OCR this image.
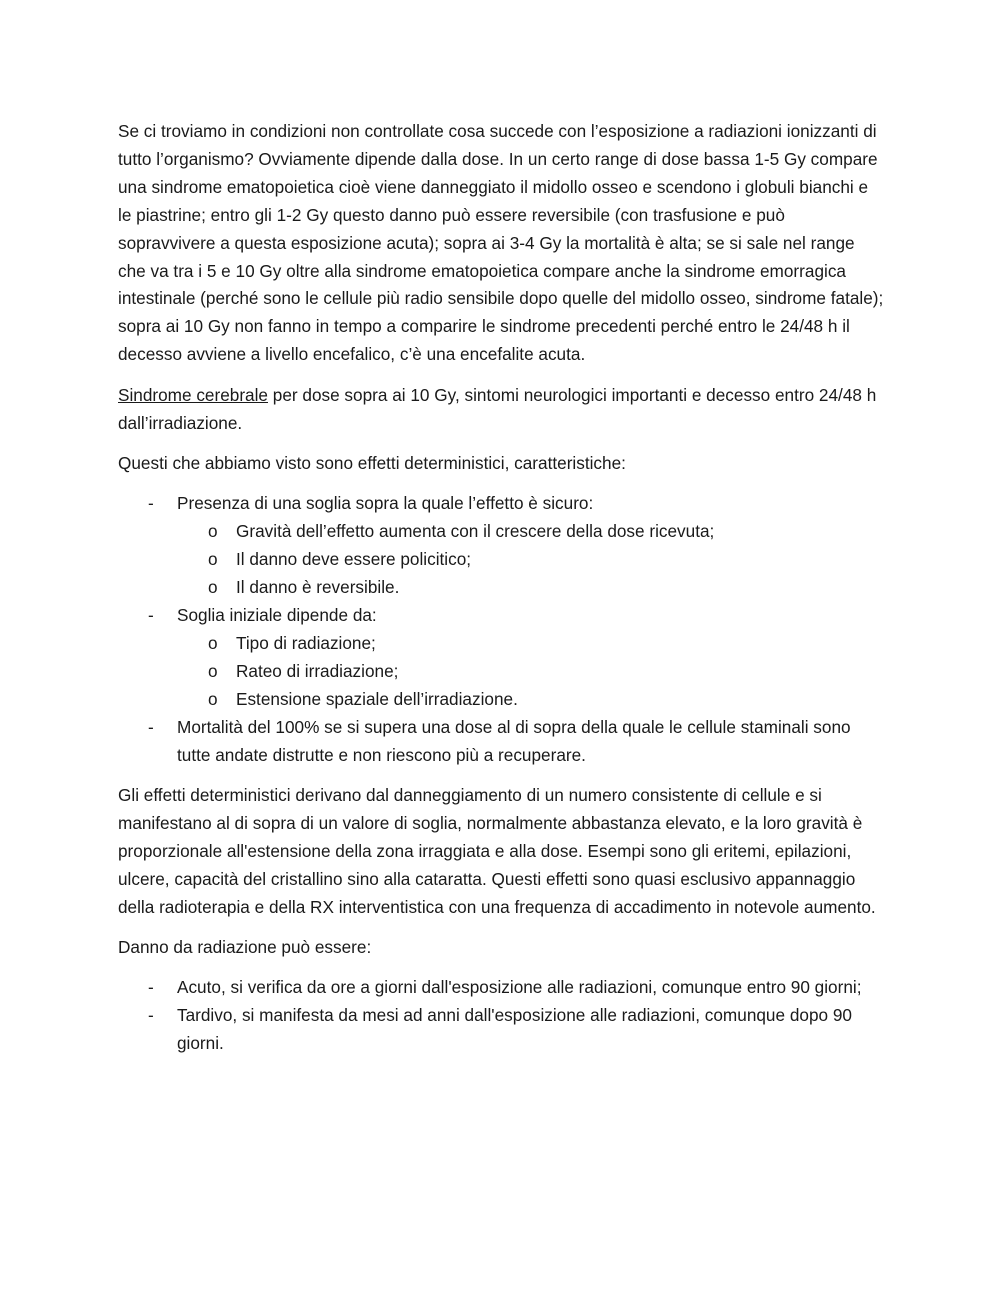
Se ci troviamo in condizioni non controllate cosa succede con l’esposizione a radiazioni ionizzanti di tutto l’organismo? Ovviamente dipende dalla dose. In un certo range di dose bassa 1-5 Gy compare una sindrome ematopoietica cioè viene danneggiato il midollo osseo e scendono i globuli bianchi e le piastrine; entro gli 1-2 Gy questo danno può essere reversibile (con trasfusione e può sopravvivere a questa esposizione acuta); sopra ai 3-4 Gy la mortalità è alta; se si sale nel range che va tra i 5 e 10 Gy oltre alla sindrome ematopoietica compare anche la sindrome emorragica intestinale (perché sono le cellule più radio sensibile dopo quelle del midollo osseo, sindrome fatale); sopra ai 10 Gy non fanno in tempo a comparire le sindrome precedenti perché entro le 24/48 h il decesso avviene a livello encefalico, c’è una encefalite acuta.

Sindrome cerebrale per dose sopra ai 10 Gy, sintomi neurologici importanti e decesso entro 24/48 h dall’irradiazione.

Questi che abbiamo visto sono effetti deterministici, caratteristiche:

- Presenza di una soglia sopra la quale l’effetto è sicuro:
o Gravità dell’effetto aumenta con il crescere della dose ricevuta;
o Il danno deve essere policitico;
o Il danno è reversibile.
- Soglia iniziale dipende da:
o Tipo di radiazione;
o Rateo di irradiazione;
o Estensione spaziale dell’irradiazione.
- Mortalità del 100% se si supera una dose al di sopra della quale le cellule staminali sono tutte andate distrutte e non riescono più a recuperare.

Gli effetti deterministici derivano dal danneggiamento di un numero consistente di cellule e si manifestano al di sopra di un valore di soglia, normalmente abbastanza elevato, e la loro gravità è proporzionale all'estensione della zona irraggiata e alla dose. Esempi sono gli eritemi, epilazioni, ulcere, capacità del cristallino sino alla cataratta. Questi effetti sono quasi esclusivo appannaggio della radioterapia e della RX interventistica con una frequenza di accadimento in notevole aumento.

Danno da radiazione può essere:

- Acuto, si verifica da ore a giorni dall'esposizione alle radiazioni, comunque entro 90 giorni;
- Tardivo, si manifesta da mesi ad anni dall'esposizione alle radiazioni, comunque dopo 90 giorni.
